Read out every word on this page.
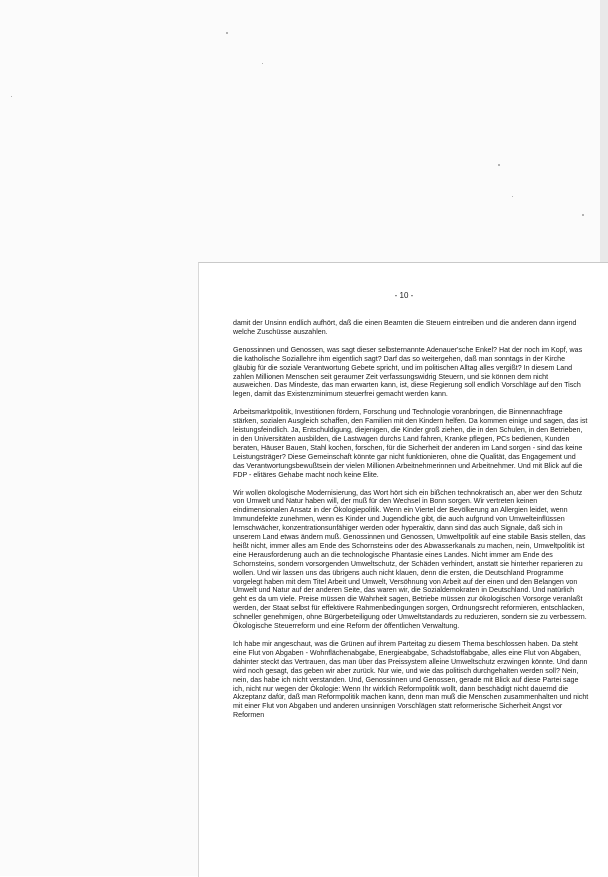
- 10 -

damit der Unsinn endlich aufhört, daß die einen Beamten die Steuern eintreiben und die anderen dann irgend welche Zuschüsse auszahlen.

Genossinnen und Genossen, was sagt dieser selbsternannte Adenauer'sche Enkel? Hat der noch im Kopf, was die katholische Soziallehre ihm eigentlich sagt? Darf das so weitergehen, daß man sonntags in der Kirche gläubig für die soziale Verantwortung Gebete spricht, und im politischen Alltag alles vergißt? In diesem Land zahlen Millionen Menschen seit geraumer Zeit verfassungswidrig Steuern, und sie können dem nicht ausweichen. Das Mindeste, das man erwarten kann, ist, diese Regierung soll endlich Vorschläge auf den Tisch legen, damit das Existenzminimum steuerfrei gemacht werden kann.

Arbeitsmarktpolitik, Investitionen fördern, Forschung und Technologie voranbringen, die Binnennachfrage stärken, sozialen Ausgleich schaffen, den Familien mit den Kindern helfen. Da kommen einige und sagen, das ist leistungsfeindlich. Ja, Entschuldigung, diejenigen, die Kinder groß ziehen, die in den Schulen, in den Betrieben, in den Universitäten ausbilden, die Lastwagen durchs Land fahren, Kranke pflegen, PCs bedienen, Kunden beraten, Häuser Bauen, Stahl kochen, forschen, für die Sicherheit der anderen im Land sorgen - sind das keine Leistungsträger? Diese Gemeinschaft könnte gar nicht funktionieren, ohne die Qualität, das Engagement und das Verantwortungsbewußtsein der vielen Millionen Arbeitnehmerinnen und Arbeitnehmer. Und mit Blick auf die FDP - elitäres Gehabe macht noch keine Elite.

Wir wollen ökologische Modernisierung, das Wort hört sich ein bißchen technokratisch an, aber wer den Schutz von Umwelt und Natur haben will, der muß für den Wechsel in Bonn sorgen. Wir vertreten keinen eindimensionalen Ansatz in der Ökologiepolitik. Wenn ein Viertel der Bevölkerung an Allergien leidet, wenn Immundefekte zunehmen, wenn es Kinder und Jugendliche gibt, die auch aufgrund von Umwelteinflüssen lernschwächer, konzentrationsunfähiger werden oder hyperaktiv, dann sind das auch Signale, daß sich in unserem Land etwas ändern muß. Genossinnen und Genossen, Umweltpolitik auf eine stabile Basis stellen, das heißt nicht, immer alles am Ende des Schornsteins oder des Abwasserkanals zu machen, nein, Umweltpolitik ist eine Herausforderung auch an die technologische Phantasie eines Landes. Nicht immer am Ende des Schornsteins, sondern vorsorgenden Umweltschutz, der Schäden verhindert, anstatt sie hinterher reparieren zu wollen. Und wir lassen uns das übrigens auch nicht klauen, denn die ersten, die Deutschland Programme vorgelegt haben mit dem Titel Arbeit und Umwelt, Versöhnung von Arbeit auf der einen und den Belangen von Umwelt und Natur auf der anderen Seite, das waren wir, die Sozialdemokraten in Deutschland. Und natürlich geht es da um viele. Preise müssen die Wahrheit sagen, Betriebe müssen zur ökologischen Vorsorge veranlaßt werden, der Staat selbst für effektivere Rahmenbedingungen sorgen, Ordnungsrecht reformieren, entschlacken, schneller genehmigen, ohne Bürgerbeteiligung oder Umweltstandards zu reduzieren, sondern sie zu verbessern. Ökologische Steuerreform und eine Reform der öffentlichen Verwaltung.

Ich habe mir angeschaut, was die Grünen auf ihrem Parteitag zu diesem Thema beschlossen haben. Da steht eine Flut von Abgaben - Wohnflächenabgabe, Energieabgabe, Schadstoffabgabe, alles eine Flut von Abgaben, dahinter steckt das Vertrauen, das man über das Preissystem alleine Umweltschutz erzwingen könnte. Und dann wird noch gesagt, das geben wir aber zurück. Nur wie, und wie das politisch durchgehalten werden soll? Nein, nein, das habe ich nicht verstanden. Und, Genossinnen und Genossen, gerade mit Blick auf diese Partei sage ich, nicht nur wegen der Ökologie: Wenn Ihr wirklich Reformpolitik wollt, dann beschädigt nicht dauernd die Akzeptanz dafür, daß man Reformpolitik machen kann, denn man muß die Menschen zusammenhalten und nicht mit einer Flut von Abgaben und anderen unsinnigen Vorschlägen statt reformerische Sicherheit Angst vor Reformen
